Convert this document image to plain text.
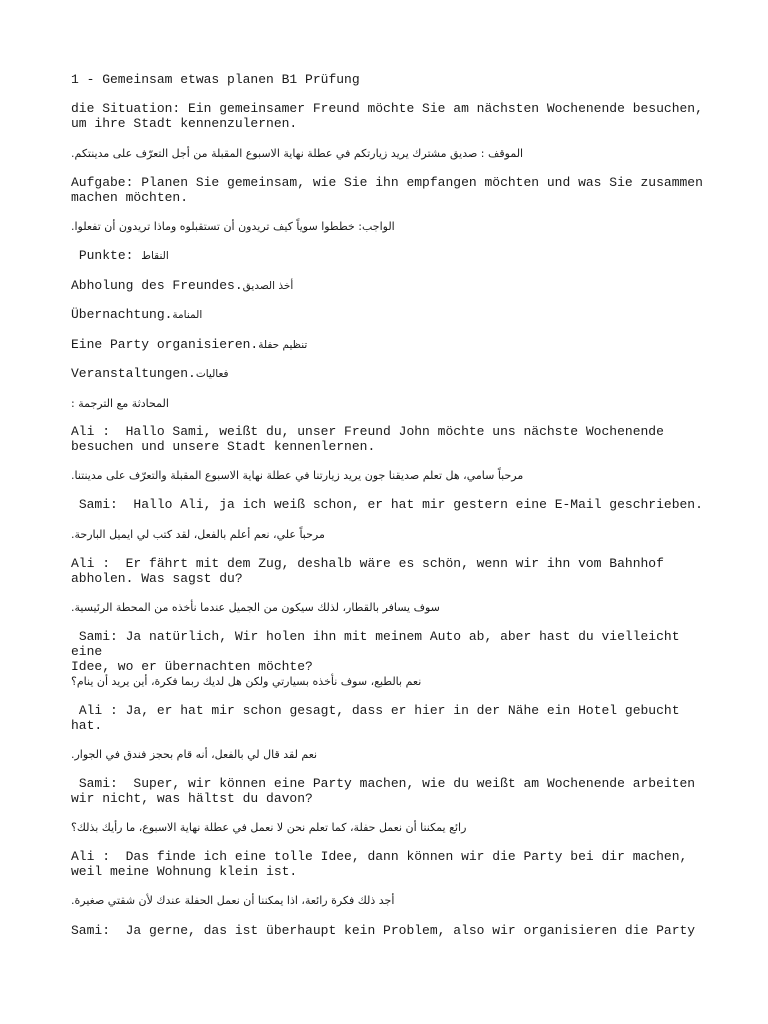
1 - Gemeinsam etwas planen B1 Prüfung

die Situation: Ein gemeinsamer Freund möchte Sie am nächsten Wochenende besuchen,
um ihre Stadt kennenzulernen.

الموقف : صديق مشترك يريد زيارتكم في عطلة نهاية الاسبوع المقبلة من أجل التعرّف على مدينتكم.

Aufgabe: Planen Sie gemeinsam, wie Sie ihn empfangen möchten und was Sie zusammen
machen möchten.

الواجب: خططوا سوياً كيف تريدون أن تستقبلوه وماذا تريدون أن تفعلوا.

Punkte: النقاط

Abholung des Freundes.أخذ الصديق

Übernachtung.المنامة

Eine Party organisieren.تنظيم حفلة

Veranstaltungen.فعاليات

المحادثة مع الترجمة :

Ali :  Hallo Sami, weißt du, unser Freund John möchte uns nächste Wochenende
besuchen und unsere Stadt kennenlernen.

مرحباً سامي، هل تعلم صديقنا جون يريد زيارتنا في عطلة نهاية الاسبوع المقبلة والتعرّف على مدينتنا.

Sami:  Hallo Ali, ja ich weiß schon, er hat mir gestern eine E-Mail geschrieben.

مرحباً علي، نعم أعلم بالفعل، لقد كتب لي ايميل البارحة.

Ali :  Er fährt mit dem Zug, deshalb wäre es schön, wenn wir ihn vom Bahnhof
abholen. Was sagst du?

سوف يسافر بالقطار، لذلك سيكون من الجميل عندما نأخذه من المحطة الرئيسية.

Sami: Ja natürlich, Wir holen ihn mit meinem Auto ab, aber hast du vielleicht eine
Idee, wo er übernachten möchte?

نعم بالطبع، سوف نأخذه بسيارتي ولكن هل لديك ربما فكرة، أين يريد أن ينام؟

Ali : Ja, er hat mir schon gesagt, dass er hier in der Nähe ein Hotel gebucht
hat.

نعم لقد قال لي بالفعل، أنه قام بحجز فندق في الجوار.

Sami:  Super, wir können eine Party machen, wie du weißt am Wochenende arbeiten
wir nicht, was hältst du davon?

رائع يمكننا أن نعمل حفلة، كما تعلم نحن لا نعمل في عطلة نهاية الاسبوع، ما رأيك بذلك؟

Ali :  Das finde ich eine tolle Idee, dann können wir die Party bei dir machen,
weil meine Wohnung klein ist.

أجد ذلك فكرة رائعة، اذا يمكننا أن نعمل الحفلة عندك لأن شقتي صغيرة.

Sami:  Ja gerne, das ist überhaupt kein Problem, also wir organisieren die Party
